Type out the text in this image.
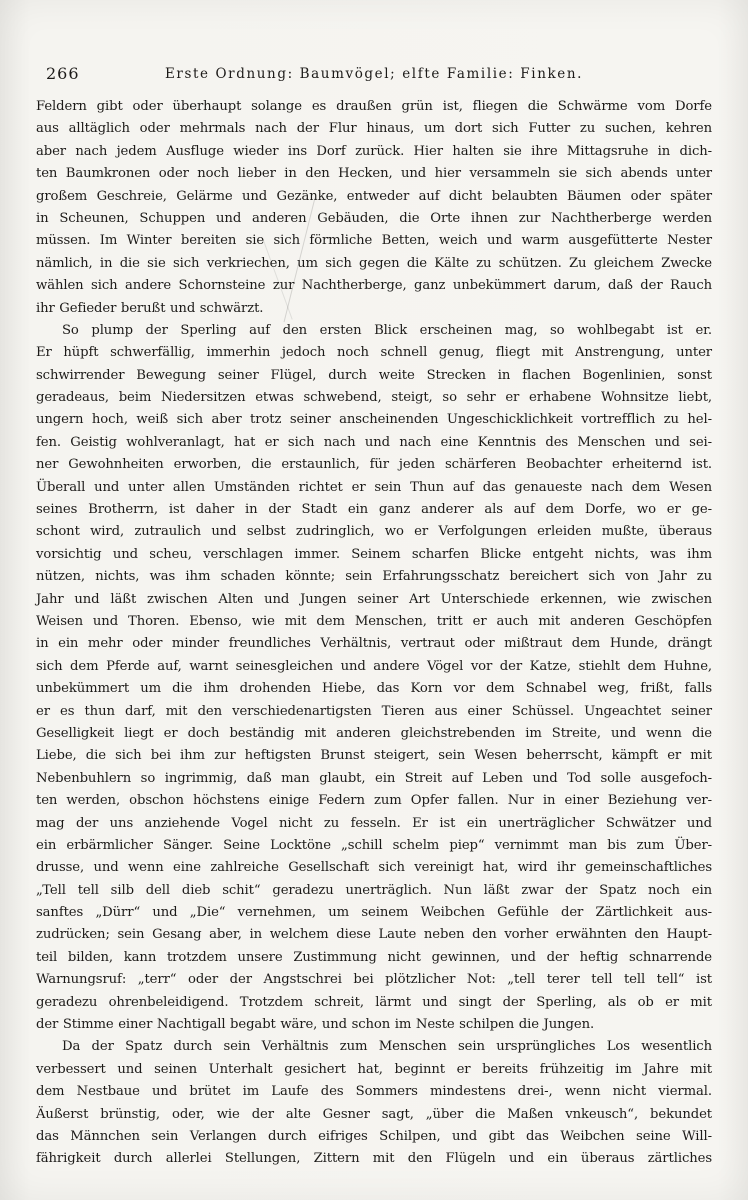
266	Erste Ordnung: Baumvögel; elfte Familie: Finken.
Feldern gibt oder überhaupt solange es draußen grün ist, fliegen die Schwärme vom Dorfe
aus alltäglich oder mehrmals nach der Flur hinaus, um dort sich Futter zu suchen, kehren
aber nach jedem Ausfluge wieder ins Dorf zurück. Hier halten sie ihre Mittagsruhe in dich-
ten Baumkronen oder noch lieber in den Hecken, und hier versammeln sie sich abends unter
großem Geschreie, Gelärme und Gezänke, entweder auf dicht belaubten Bäumen oder später
in Scheunen, Schuppen und anderen Gebäuden, die Orte ihnen zur Nachtherberge werden
müssen. Im Winter bereiten sie sich förmliche Betten, weich und warm ausgefütterte Nester
nämlich, in die sie sich verkriechen, um sich gegen die Kälte zu schützen. Zu gleichem Zwecke
wählen sich andere Schornsteine zur Nachtherberge, ganz unbekümmert darum, daß der Rauch
ihr Gefieder berußt und schwärzt.
So plump der Sperling auf den ersten Blick erscheinen mag, so wohlbegabt ist er.
Er hüpft schwerfällig, immerhin jedoch noch schnell genug, fliegt mit Anstrengung, unter
schwirrender Bewegung seiner Flügel, durch weite Strecken in flachen Bogenlinien, sonst
geradeaus, beim Niedersitzen etwas schwebend, steigt, so sehr er erhabene Wohnsitze liebt,
ungern hoch, weiß sich aber trotz seiner anscheinenden Ungeschicklichkeit vortrefflich zu hel-
fen. Geistig wohlveranlagt, hat er sich nach und nach eine Kenntnis des Menschen und sei-
ner Gewohnheiten erworben, die erstaunlich, für jeden schärferen Beobachter erheiternd ist.
Überall und unter allen Umständen richtet er sein Thun auf das genaueste nach dem Wesen
seines Brotherrn, ist daher in der Stadt ein ganz anderer als auf dem Dorfe, wo er ge-
schont wird, zutraulich und selbst zudringlich, wo er Verfolgungen erleiden mußte, überaus
vorsichtig und scheu, verschlagen immer. Seinem scharfen Blicke entgeht nichts, was ihm
nützen, nichts, was ihm schaden könnte; sein Erfahrungsschatz bereichert sich von Jahr zu
Jahr und läßt zwischen Alten und Jungen seiner Art Unterschiede erkennen, wie zwischen
Weisen und Thoren. Ebenso, wie mit dem Menschen, tritt er auch mit anderen Geschöpfen
in ein mehr oder minder freundliches Verhältnis, vertraut oder mißtraut dem Hunde, drängt
sich dem Pferde auf, warnt seinesgleichen und andere Vögel vor der Katze, stiehlt dem Huhne,
unbekümmert um die ihm drohenden Hiebe, das Korn vor dem Schnabel weg, frißt, falls
er es thun darf, mit den verschiedenartigsten Tieren aus einer Schüssel. Ungeachtet seiner
Geselligkeit liegt er doch beständig mit anderen gleichstrebenden im Streite, und wenn die
Liebe, die sich bei ihm zur heftigsten Brunst steigert, sein Wesen beherrscht, kämpft er mit
Nebenbuhlern so ingrimmig, daß man glaubt, ein Streit auf Leben und Tod solle ausgefoch-
ten werden, obschon höchstens einige Federn zum Opfer fallen. Nur in einer Beziehung ver-
mag der uns anziehende Vogel nicht zu fesseln. Er ist ein unerträglicher Schwätzer und
ein erbärmlicher Sänger. Seine Locktöne „schill schelm piep“ vernimmt man bis zum Über-
drusse, und wenn eine zahlreiche Gesellschaft sich vereinigt hat, wird ihr gemeinschaftliches
„Tell tell silb dell dieb schit“ geradezu unerträglich. Nun läßt zwar der Spatz noch ein
sanftes „Dürr“ und „Die“ vernehmen, um seinem Weibchen Gefühle der Zärtlichkeit aus-
zudrücken; sein Gesang aber, in welchem diese Laute neben den vorher erwähnten den Haupt-
teil bilden, kann trotzdem unsere Zustimmung nicht gewinnen, und der heftig schnarrende
Warnungsruf: „terr“ oder der Angstschrei bei plötzlicher Not: „tell terer tell tell tell“ ist
geradezu ohrenbeleidigend. Trotzdem schreit, lärmt und singt der Sperling, als ob er mit
der Stimme einer Nachtigall begabt wäre, und schon im Neste schilpen die Jungen.
Da der Spatz durch sein Verhältnis zum Menschen sein ursprüngliches Los wesentlich
verbessert und seinen Unterhalt gesichert hat, beginnt er bereits frühzeitig im Jahre mit
dem Nestbaue und brütet im Laufe des Sommers mindestens drei-, wenn nicht viermal.
Äußerst brünstig, oder, wie der alte Gesner sagt, „über die Maßen vnkeusch“, bekundet
das Männchen sein Verlangen durch eifriges Schilpen, und gibt das Weibchen seine Will-
fährigkeit durch allerlei Stellungen, Zittern mit den Flügeln und ein überaus zärtliches
